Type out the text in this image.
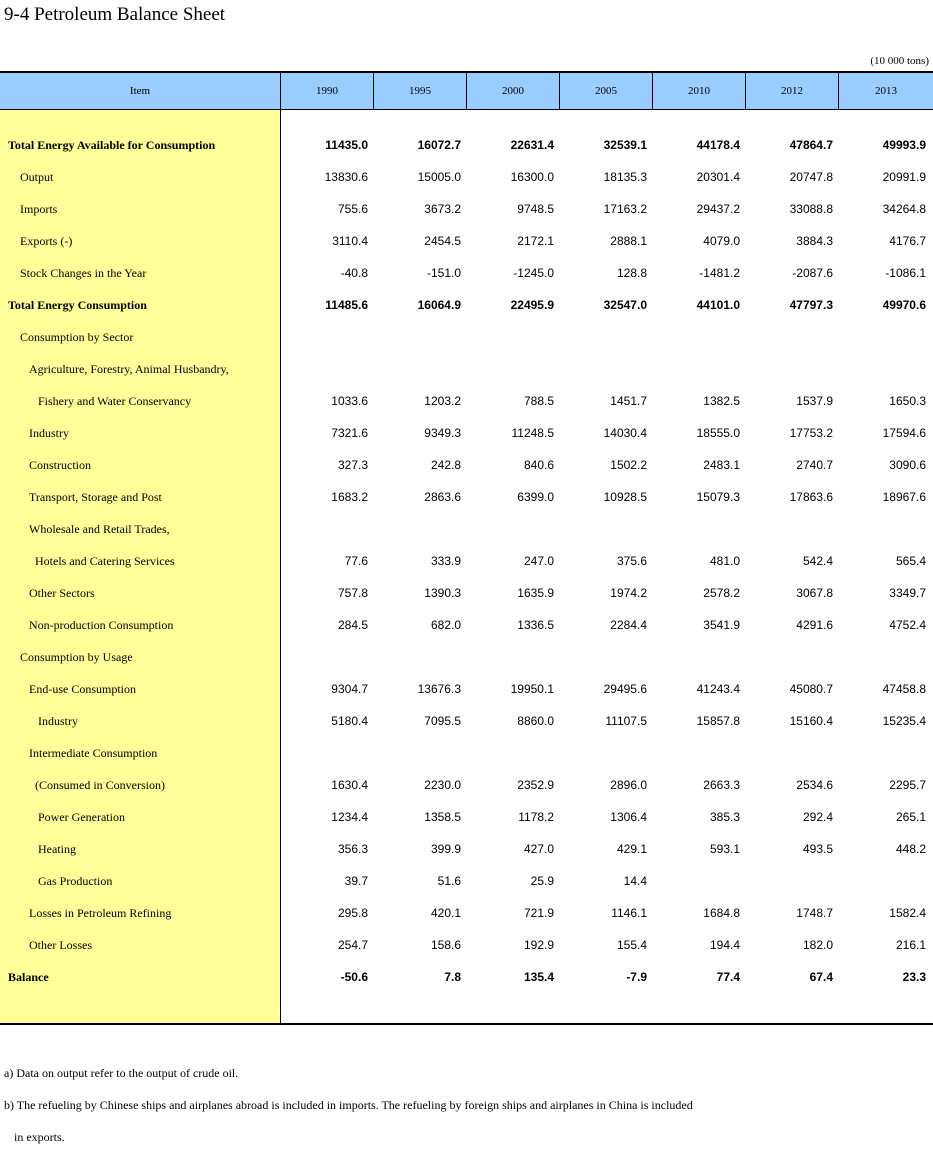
9-4 Petroleum Balance Sheet
(10 000 tons)
Item	1990	1995	2000	2005	2010	2012	2013
Total Energy Available for Consumption	11435.0	16072.7	22631.4	32539.1	44178.4	47864.7	49993.9
Output	13830.6	15005.0	16300.0	18135.3	20301.4	20747.8	20991.9
Imports	755.6	3673.2	9748.5	17163.2	29437.2	33088.8	34264.8
Exports (-)	3110.4	2454.5	2172.1	2888.1	4079.0	3884.3	4176.7
Stock Changes in the Year	-40.8	-151.0	-1245.0	128.8	-1481.2	-2087.6	-1086.1
Total Energy Consumption	11485.6	16064.9	22495.9	32547.0	44101.0	47797.3	49970.6
Consumption by Sector
Agriculture, Forestry, Animal Husbandry,
Fishery and Water Conservancy	1033.6	1203.2	788.5	1451.7	1382.5	1537.9	1650.3
Industry	7321.6	9349.3	11248.5	14030.4	18555.0	17753.2	17594.6
Construction	327.3	242.8	840.6	1502.2	2483.1	2740.7	3090.6
Transport, Storage and Post	1683.2	2863.6	6399.0	10928.5	15079.3	17863.6	18967.6
Wholesale and Retail Trades,
Hotels and Catering Services	77.6	333.9	247.0	375.6	481.0	542.4	565.4
Other Sectors	757.8	1390.3	1635.9	1974.2	2578.2	3067.8	3349.7
Non-production Consumption	284.5	682.0	1336.5	2284.4	3541.9	4291.6	4752.4
Consumption by Usage
End-use Consumption	9304.7	13676.3	19950.1	29495.6	41243.4	45080.7	47458.8
Industry	5180.4	7095.5	8860.0	11107.5	15857.8	15160.4	15235.4
Intermediate Consumption
(Consumed in Conversion)	1630.4	2230.0	2352.9	2896.0	2663.3	2534.6	2295.7
Power Generation	1234.4	1358.5	1178.2	1306.4	385.3	292.4	265.1
Heating	356.3	399.9	427.0	429.1	593.1	493.5	448.2
Gas Production	39.7	51.6	25.9	14.4
Losses in Petroleum Refining	295.8	420.1	721.9	1146.1	1684.8	1748.7	1582.4
Other Losses	254.7	158.6	192.9	155.4	194.4	182.0	216.1
Balance	-50.6	7.8	135.4	-7.9	77.4	67.4	23.3
a) Data on output refer to the output of crude oil.
b) The refueling by Chinese ships and airplanes abroad is included in imports. The refueling by foreign ships and airplanes in China is included
in exports.
